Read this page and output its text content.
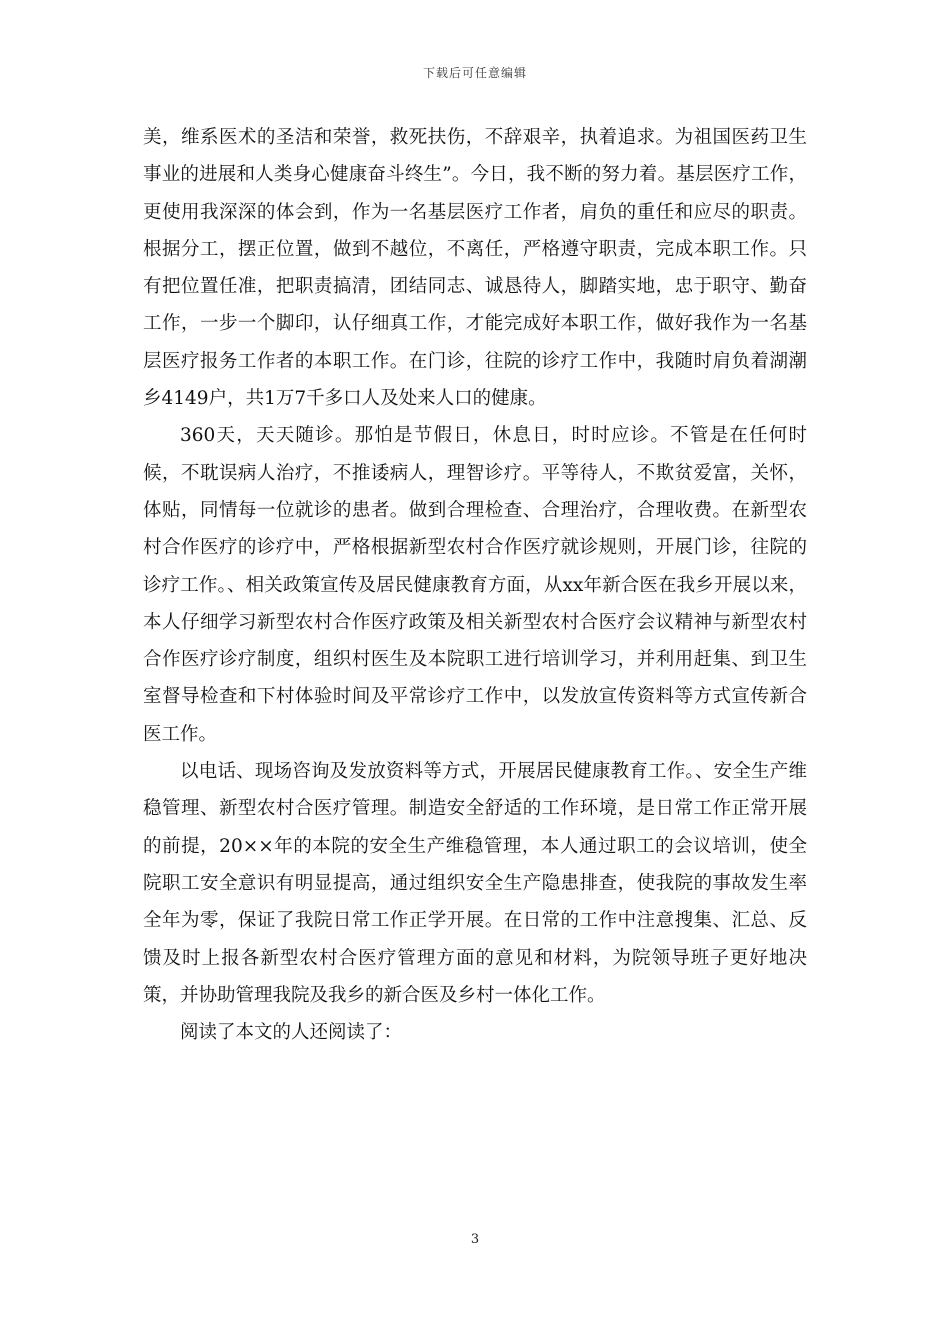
下载后可任意编辑

美，维系医术的圣洁和荣誉，救死扶伤，不辞艰辛，执着追求。为祖国医药卫生事业的进展和人类身心健康奋斗终生”。今日，我不断的努力着。基层医疗工作，更使用我深深的体会到，作为一名基层医疗工作者，肩负的重任和应尽的职责。根据分工，摆正位置，做到不越位，不离任，严格遵守职责，完成本职工作。只有把位置任准，把职责搞清，团结同志、诚恳待人，脚踏实地，忠于职守、勤奋工作，一步一个脚印，认仔细真工作，才能完成好本职工作，做好我作为一名基层医疗报务工作者的本职工作。在门诊，往院的诊疗工作中，我随时肩负着湖潮乡4149户，共1万7千多口人及处来人口的健康。

360天，天天随诊。那怕是节假日，休息日，时时应诊。不管是在任何时候，不耽误病人治疗，不推诿病人，理智诊疗。平等待人，不欺贫爱富，关怀，体贴，同情每一位就诊的患者。做到合理检查、合理治疗，合理收费。在新型农村合作医疗的诊疗中，严格根据新型农村合作医疗就诊规则，开展门诊，往院的诊疗工作。、相关政策宣传及居民健康教育方面，从xx年新合医在我乡开展以来，本人仔细学习新型农村合作医疗政策及相关新型农村合医疗会议精神与新型农村合作医疗诊疗制度，组织村医生及本院职工进行培训学习，并利用赶集、到卫生室督导检查和下村体验时间及平常诊疗工作中，以发放宣传资料等方式宣传新合医工作。

以电话、现场咨询及发放资料等方式，开展居民健康教育工作。、安全生产维稳管理、新型农村合医疗管理。制造安全舒适的工作环境，是日常工作正常开展的前提，20××年的本院的安全生产维稳管理，本人通过职工的会议培训，使全院职工安全意识有明显提高，通过组织安全生产隐患排查，使我院的事故发生率全年为零，保证了我院日常工作正学开展。在日常的工作中注意搜集、汇总、反馈及时上报各新型农村合医疗管理方面的意见和材料，为院领导班子更好地决策，并协助管理我院及我乡的新合医及乡村一体化工作。

阅读了本文的人还阅读了：

3
